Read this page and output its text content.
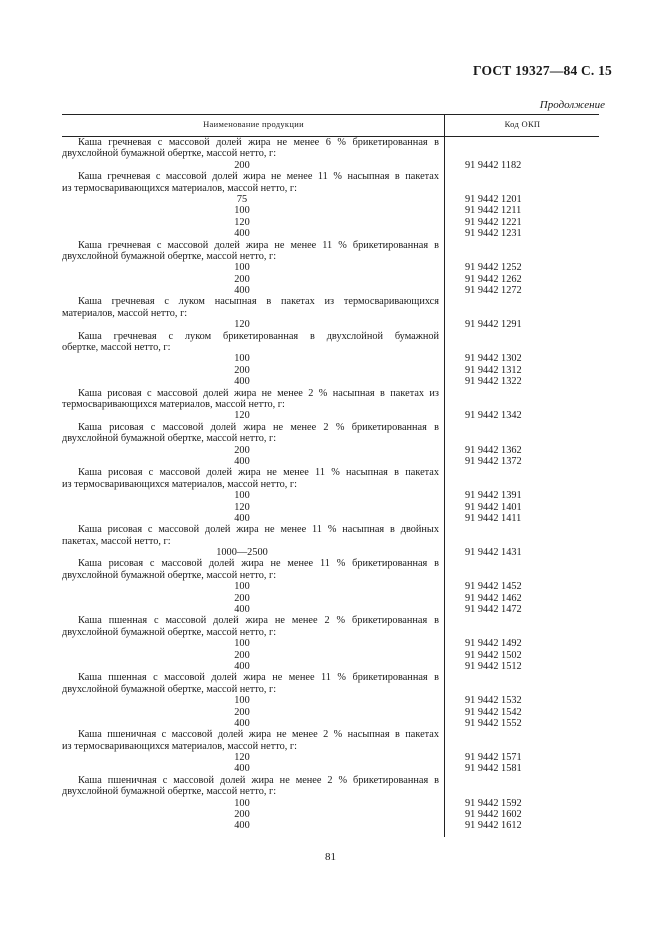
ГОСТ 19327—84 С. 15
Продолжение
Наименование продукции	Код ОКП
Каша гречневая с массовой долей жира не менее 6 % брикетированная в
двухслойной бумажной обертке, массой нетто, г:
200	91 9442 1182
Каша гречневая с массовой долей жира не менее 11 % насыпная в пакетах
из термосваривающихся материалов, массой нетто, г:
75	91 9442 1201
100	91 9442 1211
120	91 9442 1221
400	91 9442 1231
Каша гречневая с массовой долей жира не менее 11 % брикетированная в
двухслойной бумажной обертке, массой нетто, г:
100	91 9442 1252
200	91 9442 1262
400	91 9442 1272
Каша гречневая с луком насыпная в пакетах из термосваривающихся
материалов, массой нетто, г:
120	91 9442 1291
Каша гречневая с луком брикетированная в двухслойной бумажной
обертке, массой нетто, г:
100	91 9442 1302
200	91 9442 1312
400	91 9442 1322
Каша рисовая с массовой долей жира не менее 2 % насыпная в пакетах из
термосваривающихся материалов, массой нетто, г:
120	91 9442 1342
Каша рисовая с массовой долей жира не менее 2 % брикетированная в
двухслойной бумажной обертке, массой нетто, г:
200	91 9442 1362
400	91 9442 1372
Каша рисовая с массовой долей жира не менее 11 % насыпная в пакетах
из термосваривающихся материалов, массой нетто, г:
100	91 9442 1391
120	91 9442 1401
400	91 9442 1411
Каша рисовая с массовой долей жира не менее 11 % насыпная в двойных
пакетах, массой нетто, г:
1000—2500	91 9442 1431
Каша рисовая с массовой долей жира не менее 11 % брикетированная в
двухслойной бумажной обертке, массой нетто, г:
100	91 9442 1452
200	91 9442 1462
400	91 9442 1472
Каша пшенная с массовой долей жира не менее 2 % брикетированная в
двухслойной бумажной обертке, массой нетто, г:
100	91 9442 1492
200	91 9442 1502
400	91 9442 1512
Каша пшенная с массовой долей жира не менее 11 % брикетированная в
двухслойной бумажной обертке, массой нетто, г:
100	91 9442 1532
200	91 9442 1542
400	91 9442 1552
Каша пшеничная с массовой долей жира не менее 2 % насыпная в пакетах
из термосваривающихся материалов, массой нетто, г:
120	91 9442 1571
400	91 9442 1581
Каша пшеничная с массовой долей жира не менее 2 % брикетированная в
двухслойной бумажной обертке, массой нетто, г:
100	91 9442 1592
200	91 9442 1602
400	91 9442 1612
81
